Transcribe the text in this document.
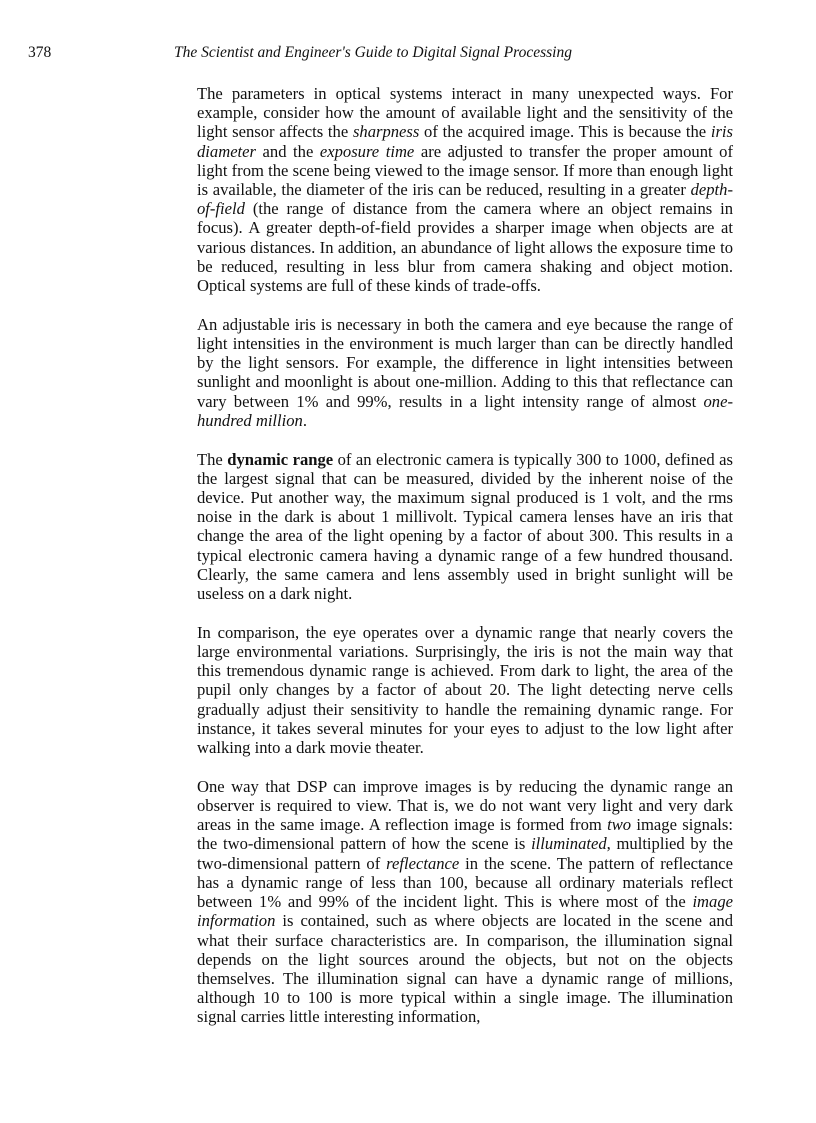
378	The Scientist and Engineer's Guide to Digital Signal Processing

The parameters in optical systems interact in many unexpected ways. For example, consider how the amount of available light and the sensitivity of the light sensor affects the sharpness of the acquired image. This is because the iris diameter and the exposure time are adjusted to transfer the proper amount of light from the scene being viewed to the image sensor. If more than enough light is available, the diameter of the iris can be reduced, resulting in a greater depth-of-field (the range of distance from the camera where an object remains in focus). A greater depth-of-field provides a sharper image when objects are at various distances. In addition, an abundance of light allows the exposure time to be reduced, resulting in less blur from camera shaking and object motion. Optical systems are full of these kinds of trade-offs.

An adjustable iris is necessary in both the camera and eye because the range of light intensities in the environment is much larger than can be directly handled by the light sensors. For example, the difference in light intensities between sunlight and moonlight is about one-million. Adding to this that reflectance can vary between 1% and 99%, results in a light intensity range of almost one-hundred million.

The dynamic range of an electronic camera is typically 300 to 1000, defined as the largest signal that can be measured, divided by the inherent noise of the device. Put another way, the maximum signal produced is 1 volt, and the rms noise in the dark is about 1 millivolt. Typical camera lenses have an iris that change the area of the light opening by a factor of about 300. This results in a typical electronic camera having a dynamic range of a few hundred thousand. Clearly, the same camera and lens assembly used in bright sunlight will be useless on a dark night.

In comparison, the eye operates over a dynamic range that nearly covers the large environmental variations. Surprisingly, the iris is not the main way that this tremendous dynamic range is achieved. From dark to light, the area of the pupil only changes by a factor of about 20. The light detecting nerve cells gradually adjust their sensitivity to handle the remaining dynamic range. For instance, it takes several minutes for your eyes to adjust to the low light after walking into a dark movie theater.

One way that DSP can improve images is by reducing the dynamic range an observer is required to view. That is, we do not want very light and very dark areas in the same image. A reflection image is formed from two image signals: the two-dimensional pattern of how the scene is illuminated, multiplied by the two-dimensional pattern of reflectance in the scene. The pattern of reflectance has a dynamic range of less than 100, because all ordinary materials reflect between 1% and 99% of the incident light. This is where most of the image information is contained, such as where objects are located in the scene and what their surface characteristics are. In comparison, the illumination signal depends on the light sources around the objects, but not on the objects themselves. The illumination signal can have a dynamic range of millions, although 10 to 100 is more typical within a single image. The illumination signal carries little interesting information,
